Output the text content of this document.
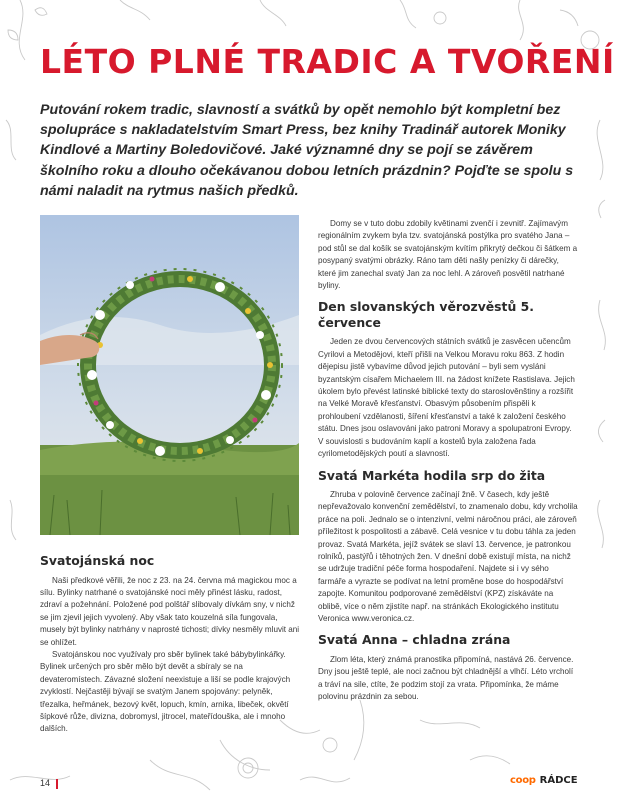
LÉTO PLNÉ TRADIC A TVOŘENÍ

Putování rokem tradic, slavností a svátků by opět nemohlo být kompletní bez spolupráce s nakladatelstvím Smart Press, bez knihy Tradinář autorek Moniky Kindlové a Martiny Boledovičové. Jaké významné dny se pojí se závěrem školního roku a dlouho očekávanou dobou letních prázdnin? Pojďte se spolu s námi naladit na rytmus našich předků.

Svatojánská noc

Naši předkové věřili, že noc z 23. na 24. června má magickou moc a sílu. Bylinky natrhané o svatojánské noci měly přinést lásku, radost, zdraví a požehnání. Položené pod polštář slibovaly dívkám sny, v nichž se jim zjevil jejich vyvolený. Aby však tato kouzelná síla fungovala, musely být bylinky natrhány v naprosté tichosti; dívky nesměly mluvit ani se ohlížet.

Svatojánskou noc využívaly pro sběr bylinek také bábybylinkářky. Bylinek určených pro sběr mělo být devět a sbíraly se na devateromístech. Závazné složení neexistuje a liší se podle krajových zvyklostí. Nejčastěji bývají se svatým Janem spojovány: pelyněk, třezalka, heřmánek, bezový květ, lopuch, kmín, arnika, libeček, okvětí šípkové růže, divizna, dobromysl, jitrocel, mateřídouška, ale i mnoho dalších.

Domy se v tuto dobu zdobily květinami zvenčí i zevnitř. Zajímavým regionálním zvykem byla tzv. svatojánská postýlka pro svatého Jana – pod stůl se dal košík se svatojánským kvítím přikrytý dečkou či šátkem a posypaný svatými obrázky. Ráno tam děti našly penízky či dárečky, které jim zanechal svatý Jan za noc lehl. A zároveň posvětil natrhané byliny.

Den slovanských věrozvěstů 5. července

Jeden ze dvou červencových státních svátků je zasvěcen učencům Cyrilovi a Metodějovi, kteří přišli na Velkou Moravu roku 863. Z hodin dějepisu jistě vybavíme důvod jejich putování – byli sem vysláni byzantským císařem Michaelem III. na žádost knížete Rastislava. Jejich úkolem bylo převést latinské biblické texty do staroslověnštiny a rozšířit na Velké Moravě křesťanství. Obasvým působením přispěli k prohloubení vzdělanosti, šíření křesťanství a také k založení českého státu. Dnes jsou oslavováni jako patroni Moravy a spolupatroni Evropy. V souvislosti s budováním kaplí a kostelů byla založena řada cyrilometodějských poutí a slavností.

Svatá Markéta hodila srp do žita

Zhruba v polovině července začínají žně. V časech, kdy ještě nepřevažovalo konvenční zemědělství, to znamenalo dobu, kdy vrcholila práce na poli. Jednalo se o intenzivní, velmi náročnou práci, ale zároveň příležitost k pospolitosti a zábavě. Celá vesnice v tu dobu táhla za jeden provaz. Svatá Markéta, jejíž svátek se slaví 13. července, je patronkou rolníků, pastýřů i těhotných žen. V dnešní době existují místa, na nichž se udržuje tradiční péče forma hospodaření. Najdete si i vy sého farmáře a vyrazte se podívat na letní proměne bose do hospodářství zapojte. Komunitou podporované zemědělství (KPZ) získáváte na oblibě, více o něm zjistíte např. na stránkách Ekologického institutu Veronica www.veronica.cz.

Svatá Anna – chladna zrána

Zlom léta, který známá pranostika připomíná, nastává 26. července. Dny jsou ještě teplé, ale noci začnou být chladnější a vlhčí. Léto vrcholí a tráví na sile, ctíte, že podzim stojí za vrata. Připomínka, že máme polovinu prázdnin za sebou.

14	coop RÁDCE
